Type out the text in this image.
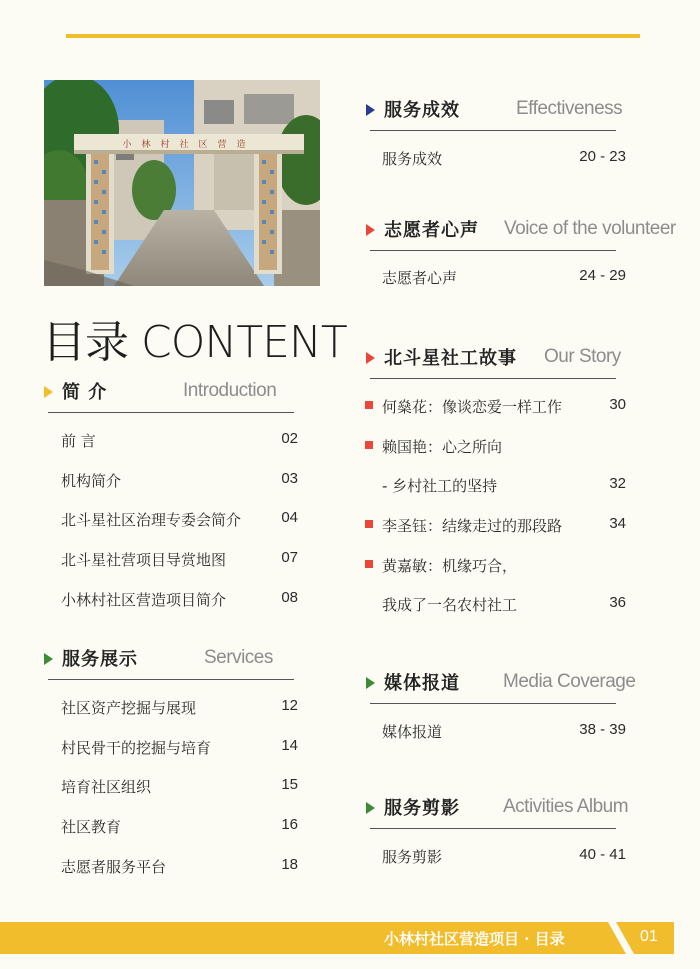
小林村社区营造
目录 CONTENT
简 介	Introduction
前 言	02
机构简介	03
北斗星社区治理专委会简介	04
北斗星社营项目导赏地图	07
小林村社区营造项目简介	08
服务展示	Services
社区资产挖掘与展现	12
村民骨干的挖掘与培育	14
培育社区组织	15
社区教育	16
志愿者服务平台	18
服务成效	Effectiveness
服务成效	20 - 23
志愿者心声 Voice of the volunteer
志愿者心声	24 - 29
北斗星社工故事 Our Story
何燊花：像谈恋爱一样工作	30
赖国艳：心之所向
- 乡村社工的坚持	32
李圣钰：结缘走过的那段路	34
黄嘉敏：机缘巧合，
我成了一名农村社工	36
媒体报道 Media Coverage
媒体报道	38 - 39
服务剪影 Activities Album
服务剪影	40 - 41
小林村社区营造项目 · 目录	01
